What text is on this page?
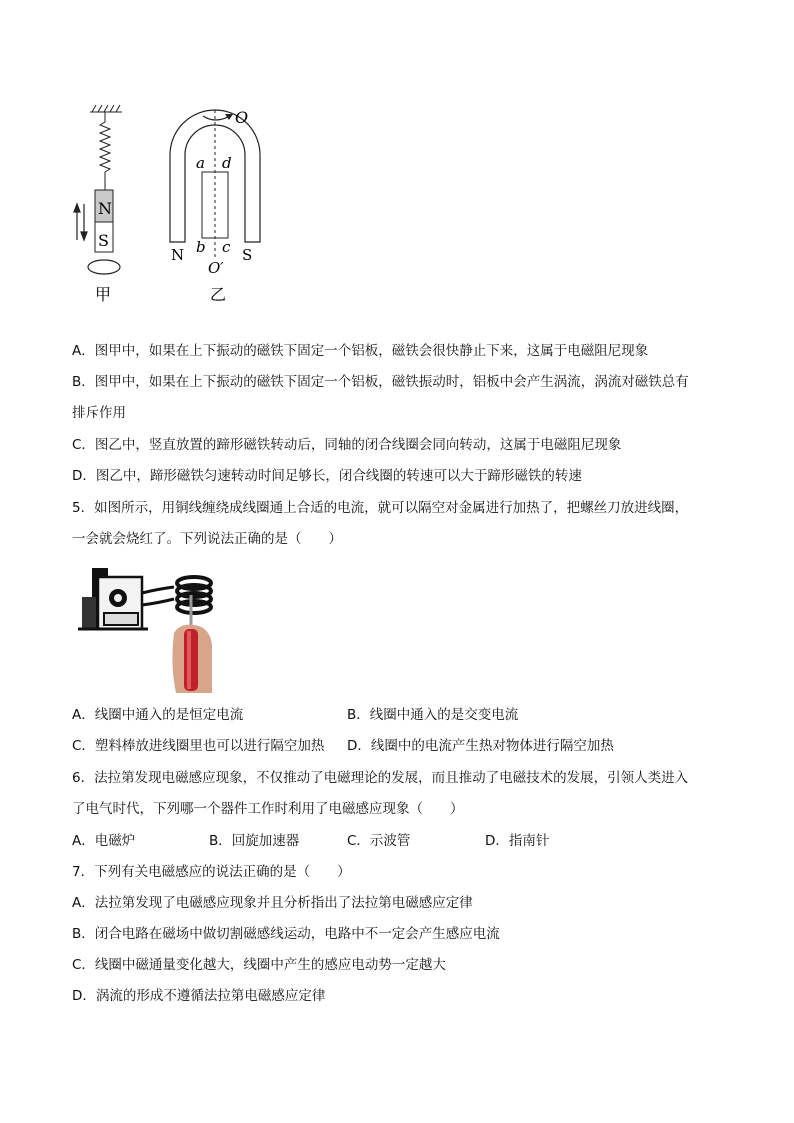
N
S
甲
O
a d
b c
N	S
O′
乙
A．图甲中，如果在上下振动的磁铁下固定一个铝板，磁铁会很快静止下来，这属于电磁阻尼现象
B．图甲中，如果在上下振动的磁铁下固定一个铝板，磁铁振动时，铝板中会产生涡流，涡流对磁铁总有
排斥作用
C．图乙中，竖直放置的蹄形磁铁转动后，同轴的闭合线圈会同向转动，这属于电磁阻尼现象
D．图乙中，蹄形磁铁匀速转动时间足够长，闭合线圈的转速可以大于蹄形磁铁的转速
5．如图所示，用铜线缠绕成线圈通上合适的电流，就可以隔空对金属进行加热了，把螺丝刀放进线圈，
一会就会烧红了。下列说法正确的是（　　）
A．线圈中通入的是恒定电流	B．线圈中通入的是交变电流
C．塑料棒放进线圈里也可以进行隔空加热 D．线圈中的电流产生热对物体进行隔空加热
6．法拉第发现电磁感应现象，不仅推动了电磁理论的发展，而且推动了电磁技术的发展，引领人类进入
了电气时代，下列哪一个器件工作时利用了电磁感应现象（　　）
A．电磁炉	B．回旋加速器	C．示波管	D．指南针
7．下列有关电磁感应的说法正确的是（　　）
A．法拉第发现了电磁感应现象并且分析指出了法拉第电磁感应定律
B．闭合电路在磁场中做切割磁感线运动，电路中不一定会产生感应电流
C．线圈中磁通量变化越大，线圈中产生的感应电动势一定越大
D．涡流的形成不遵循法拉第电磁感应定律
